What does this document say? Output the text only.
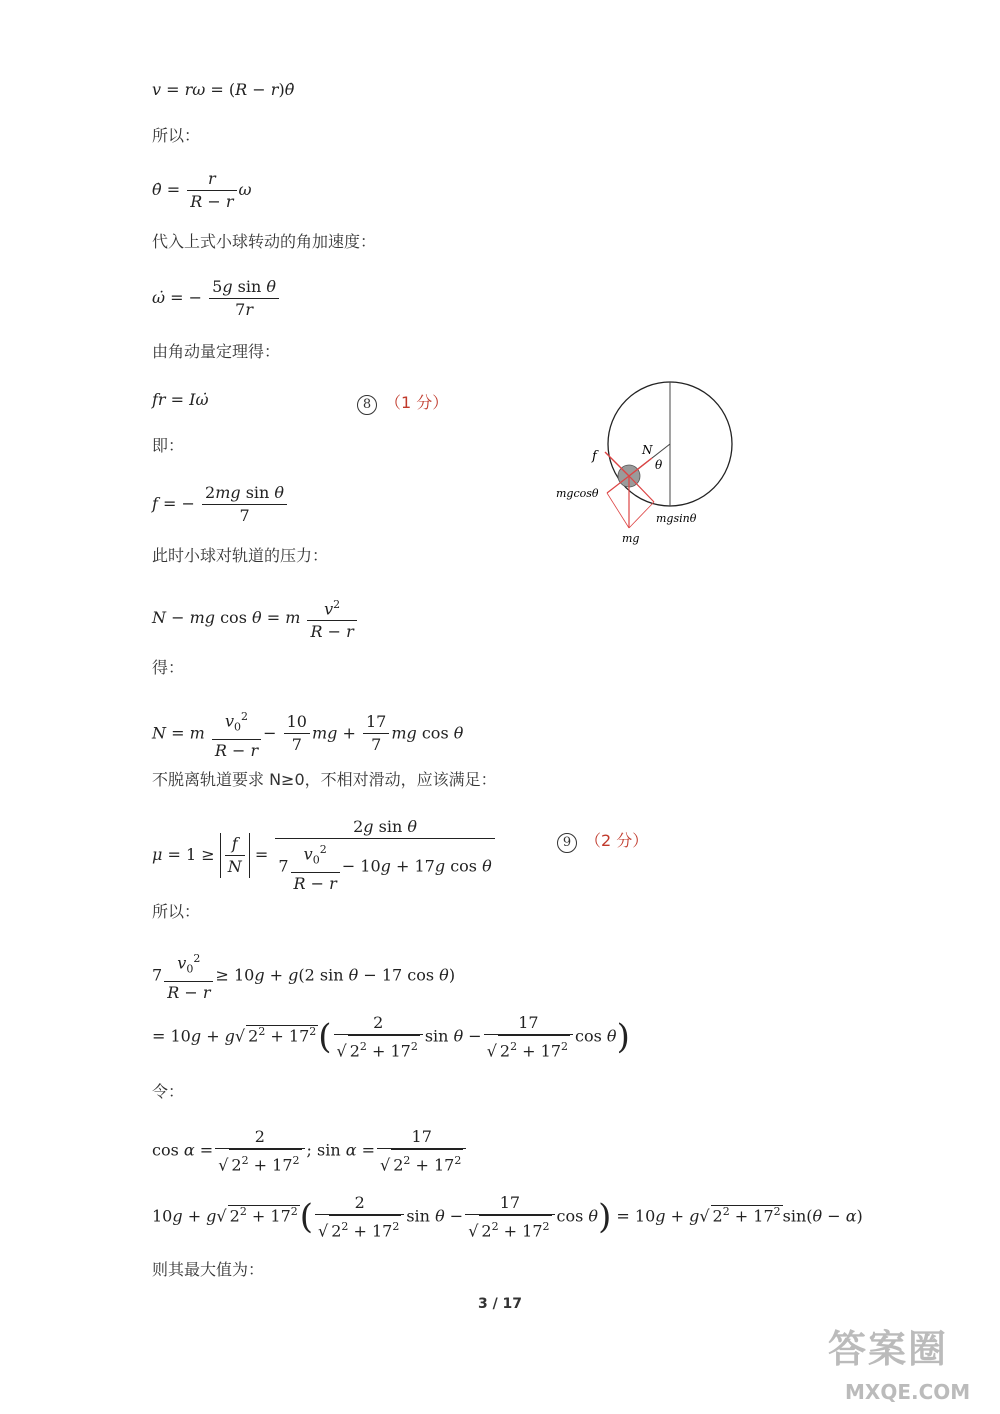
v = rω = (R − r)θ̇
所以：
θ̇ = $\frac{r}{R - r}$ ω
代入上式小球转动的角加速度：
ω̇ = − $\frac{\text{5g sin θ}}{7r}$
由角动量定理得：
fr = Iω̇	8 （1 分）
即：
f = − $\frac{\text{2mg sin θ}}{7}$
此时小球对轨道的压力：
N − mg cos θ = m $\frac{v^2}{R - r}$
得：
N = m $\frac{v_0^2}{R - r} - \frac{10}{7}$ mg + $\frac{17}{7}$ mg cos θ
不脱离轨道要求 N≥0，不相对滑动，应该满足：
$\mu = 1 \ge \frac{f}{N} = \frac{\text{2g sin θ}}{7 \frac{v_0^2}{R - r} - 10g + 17g \cos \theta}$	9 （2 分）
所以：
$7 \frac{v_0^2}{R - r} \ge 10g + g(2$ sin θ − 17 cos θ)
= 10g + g√ $2^2 + 17^2( \frac{2}{√ 2^2 + 17^2}$ $\sin \theta - \frac{17}{√ 2^2 + 17^2}$ cos θ)
令：
$\cos \alpha = \frac{2}{√ 2^2 + 17^2}$ ; $\sin \alpha = \frac{17}{√ 2^2 + 17^2}$
10g + g√ $2^2 + 17^2( \frac{2}{√ 2^2 + 17^2}$ $\sin \theta - \frac{17}{√ 2^2 + 17^2}$ cos θ) = 10g + g√ $2^2 + 17^2$ sin(θ − α)
则其最大值为：
f	N
θ
mgcosθ
mgsinθ
mg
3 / 17
答案圈
MXQE.COM
